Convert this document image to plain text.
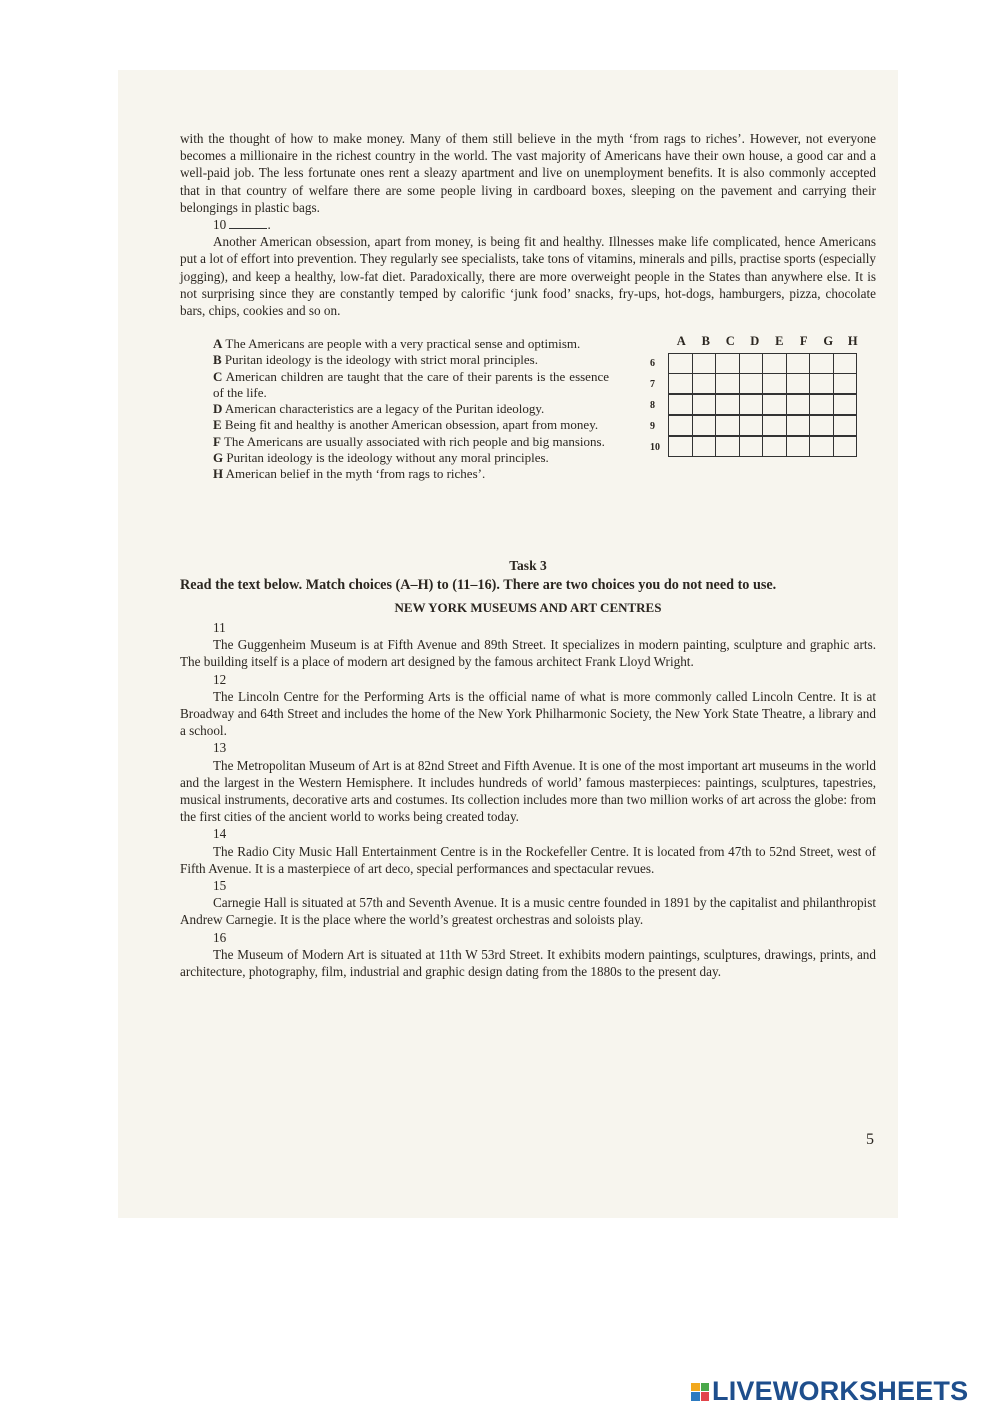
with the thought of how to make money. Many of them still believe in the myth ‘from rags to riches’. However, not everyone becomes a millionaire in the richest country in the world. The vast majority of Americans have their own house, a good car and a well-paid job. The less fortunate ones rent a sleazy apartment and live on unemployment benefits. It is also commonly accepted that in that country of welfare there are some people living in cardboard boxes, sleeping on the pavement and carrying their belongings in plastic bags.

10	.

Another American obsession, apart from money, is being fit and healthy. Illnesses make life complicated, hence Americans put a lot of effort into prevention. They regularly see specialists, take tons of vitamins, minerals and pills, practise sports (especially jogging), and keep a healthy, low-fat diet. Paradoxically, there are more overweight people in the States than anywhere else. It is not surprising since they are constantly temped by calorific ‘junk food’ snacks, fry-ups, hot-dogs, hamburgers, pizza, chocolate bars, chips, cookies and so on.

A The Americans are people with a very practical sense and optimism.

B Puritan ideology is the ideology with strict moral principles.

C American children are taught that the care of their parents is the essence of the life.

D American characteristics are a legacy of the Puritan ideology.

E Being fit and healthy is another American obsession, apart from money.

F The Americans are usually associated with rich people and big mansions.

G Puritan ideology is the ideology without any moral principles.

H American belief in the myth ‘from rags to riches’.

A	B	C	D	E	F	G	H
6
7
8
9
10
Task 3
Read the text below. Match choices (A–H) to (11–16). There are two choices you do not need to use.
NEW YORK MUSEUMS AND ART CENTRES

11

The Guggenheim Museum is at Fifth Avenue and 89th Street. It specializes in modern painting, sculpture and graphic arts. The building itself is a place of modern art designed by the famous architect Frank Lloyd Wright.

12

The Lincoln Centre for the Performing Arts is the official name of what is more commonly called Lincoln Centre. It is at Broadway and 64th Street and includes the home of the New York Philharmonic Society, the New York State Theatre, a library and a school.

13

The Metropolitan Museum of Art is at 82nd Street and Fifth Avenue. It is one of the most important art museums in the world and the largest in the Western Hemisphere. It includes hundreds of world’ famous masterpieces: paintings, sculptures, tapestries, musical instruments, decorative arts and costumes. Its collection includes more than two million works of art across the globe: from the first cities of the ancient world to works being created today.

14

The Radio City Music Hall Entertainment Centre is in the Rockefeller Centre. It is located from 47th to 52nd Street, west of Fifth Avenue. It is a masterpiece of art deco, special performances and spectacular revues.

15

Carnegie Hall is situated at 57th and Seventh Avenue. It is a music centre founded in 1891 by the capitalist and philanthropist Andrew Carnegie. It is the place where the world’s greatest orchestras and soloists play.

16

The Museum of Modern Art is situated at 11th W 53rd Street. It exhibits modern paintings, sculptures, drawings, prints, and architecture, photography, film, industrial and graphic design dating from the 1880s to the present day.

5
LIVEWORKSHEETS
